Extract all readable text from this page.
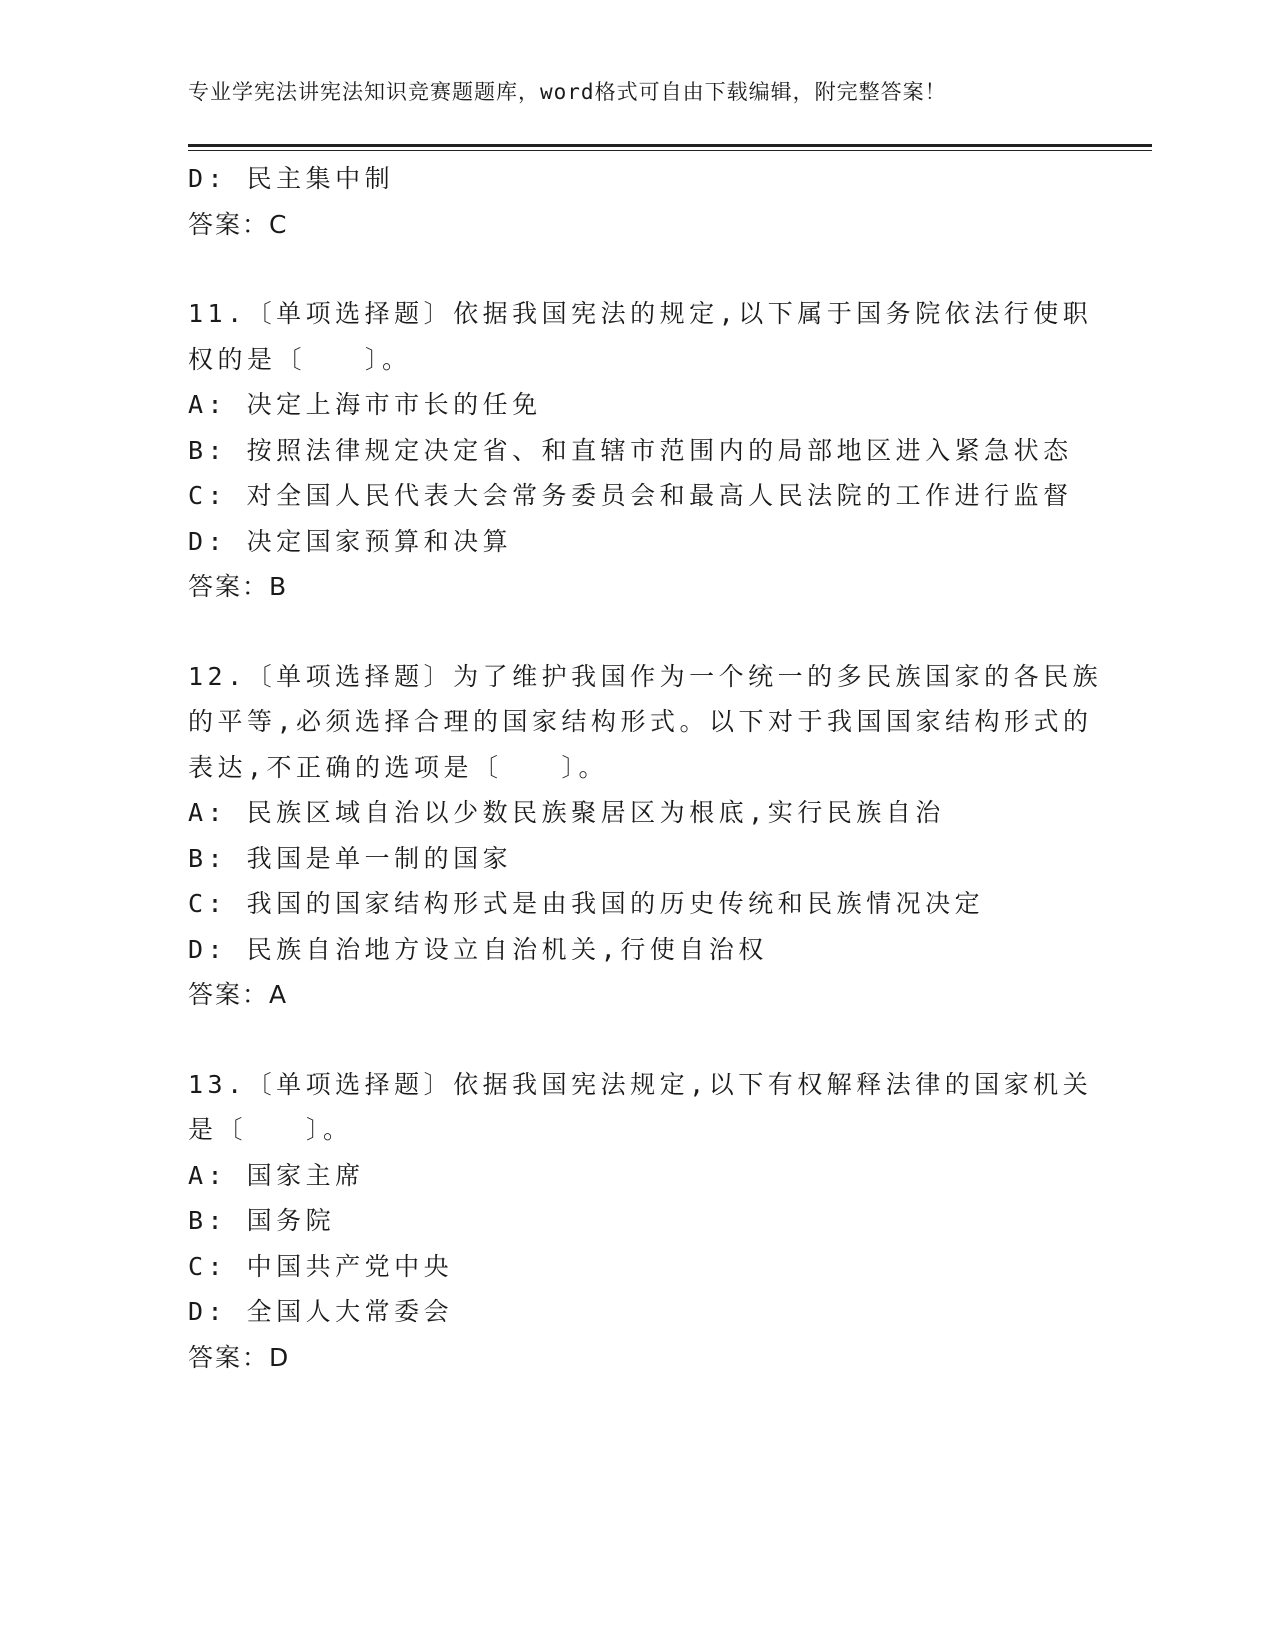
专业学宪法讲宪法知识竞赛题题库，word格式可自由下载编辑，附完整答案！
D: 民主集中制
答案：C
11.〔单项选择题〕依据我国宪法的规定,以下属于国务院依法行使职
权的是〔　　〕。
A: 决定上海市市长的任免
B: 按照法律规定决定省、和直辖市范围内的局部地区进入紧急状态
C: 对全国人民代表大会常务委员会和最高人民法院的工作进行监督
D: 决定国家预算和决算
答案：B
12.〔单项选择题〕为了维护我国作为一个统一的多民族国家的各民族
的平等,必须选择合理的国家结构形式。以下对于我国国家结构形式的
表达,不正确的选项是〔　　〕。
A: 民族区域自治以少数民族聚居区为根底,实行民族自治
B: 我国是单一制的国家
C: 我国的国家结构形式是由我国的历史传统和民族情况决定
D: 民族自治地方设立自治机关,行使自治权
答案：A
13.〔单项选择题〕依据我国宪法规定,以下有权解释法律的国家机关
是〔　　〕。
A: 国家主席
B: 国务院
C: 中国共产党中央
D: 全国人大常委会
答案：D
